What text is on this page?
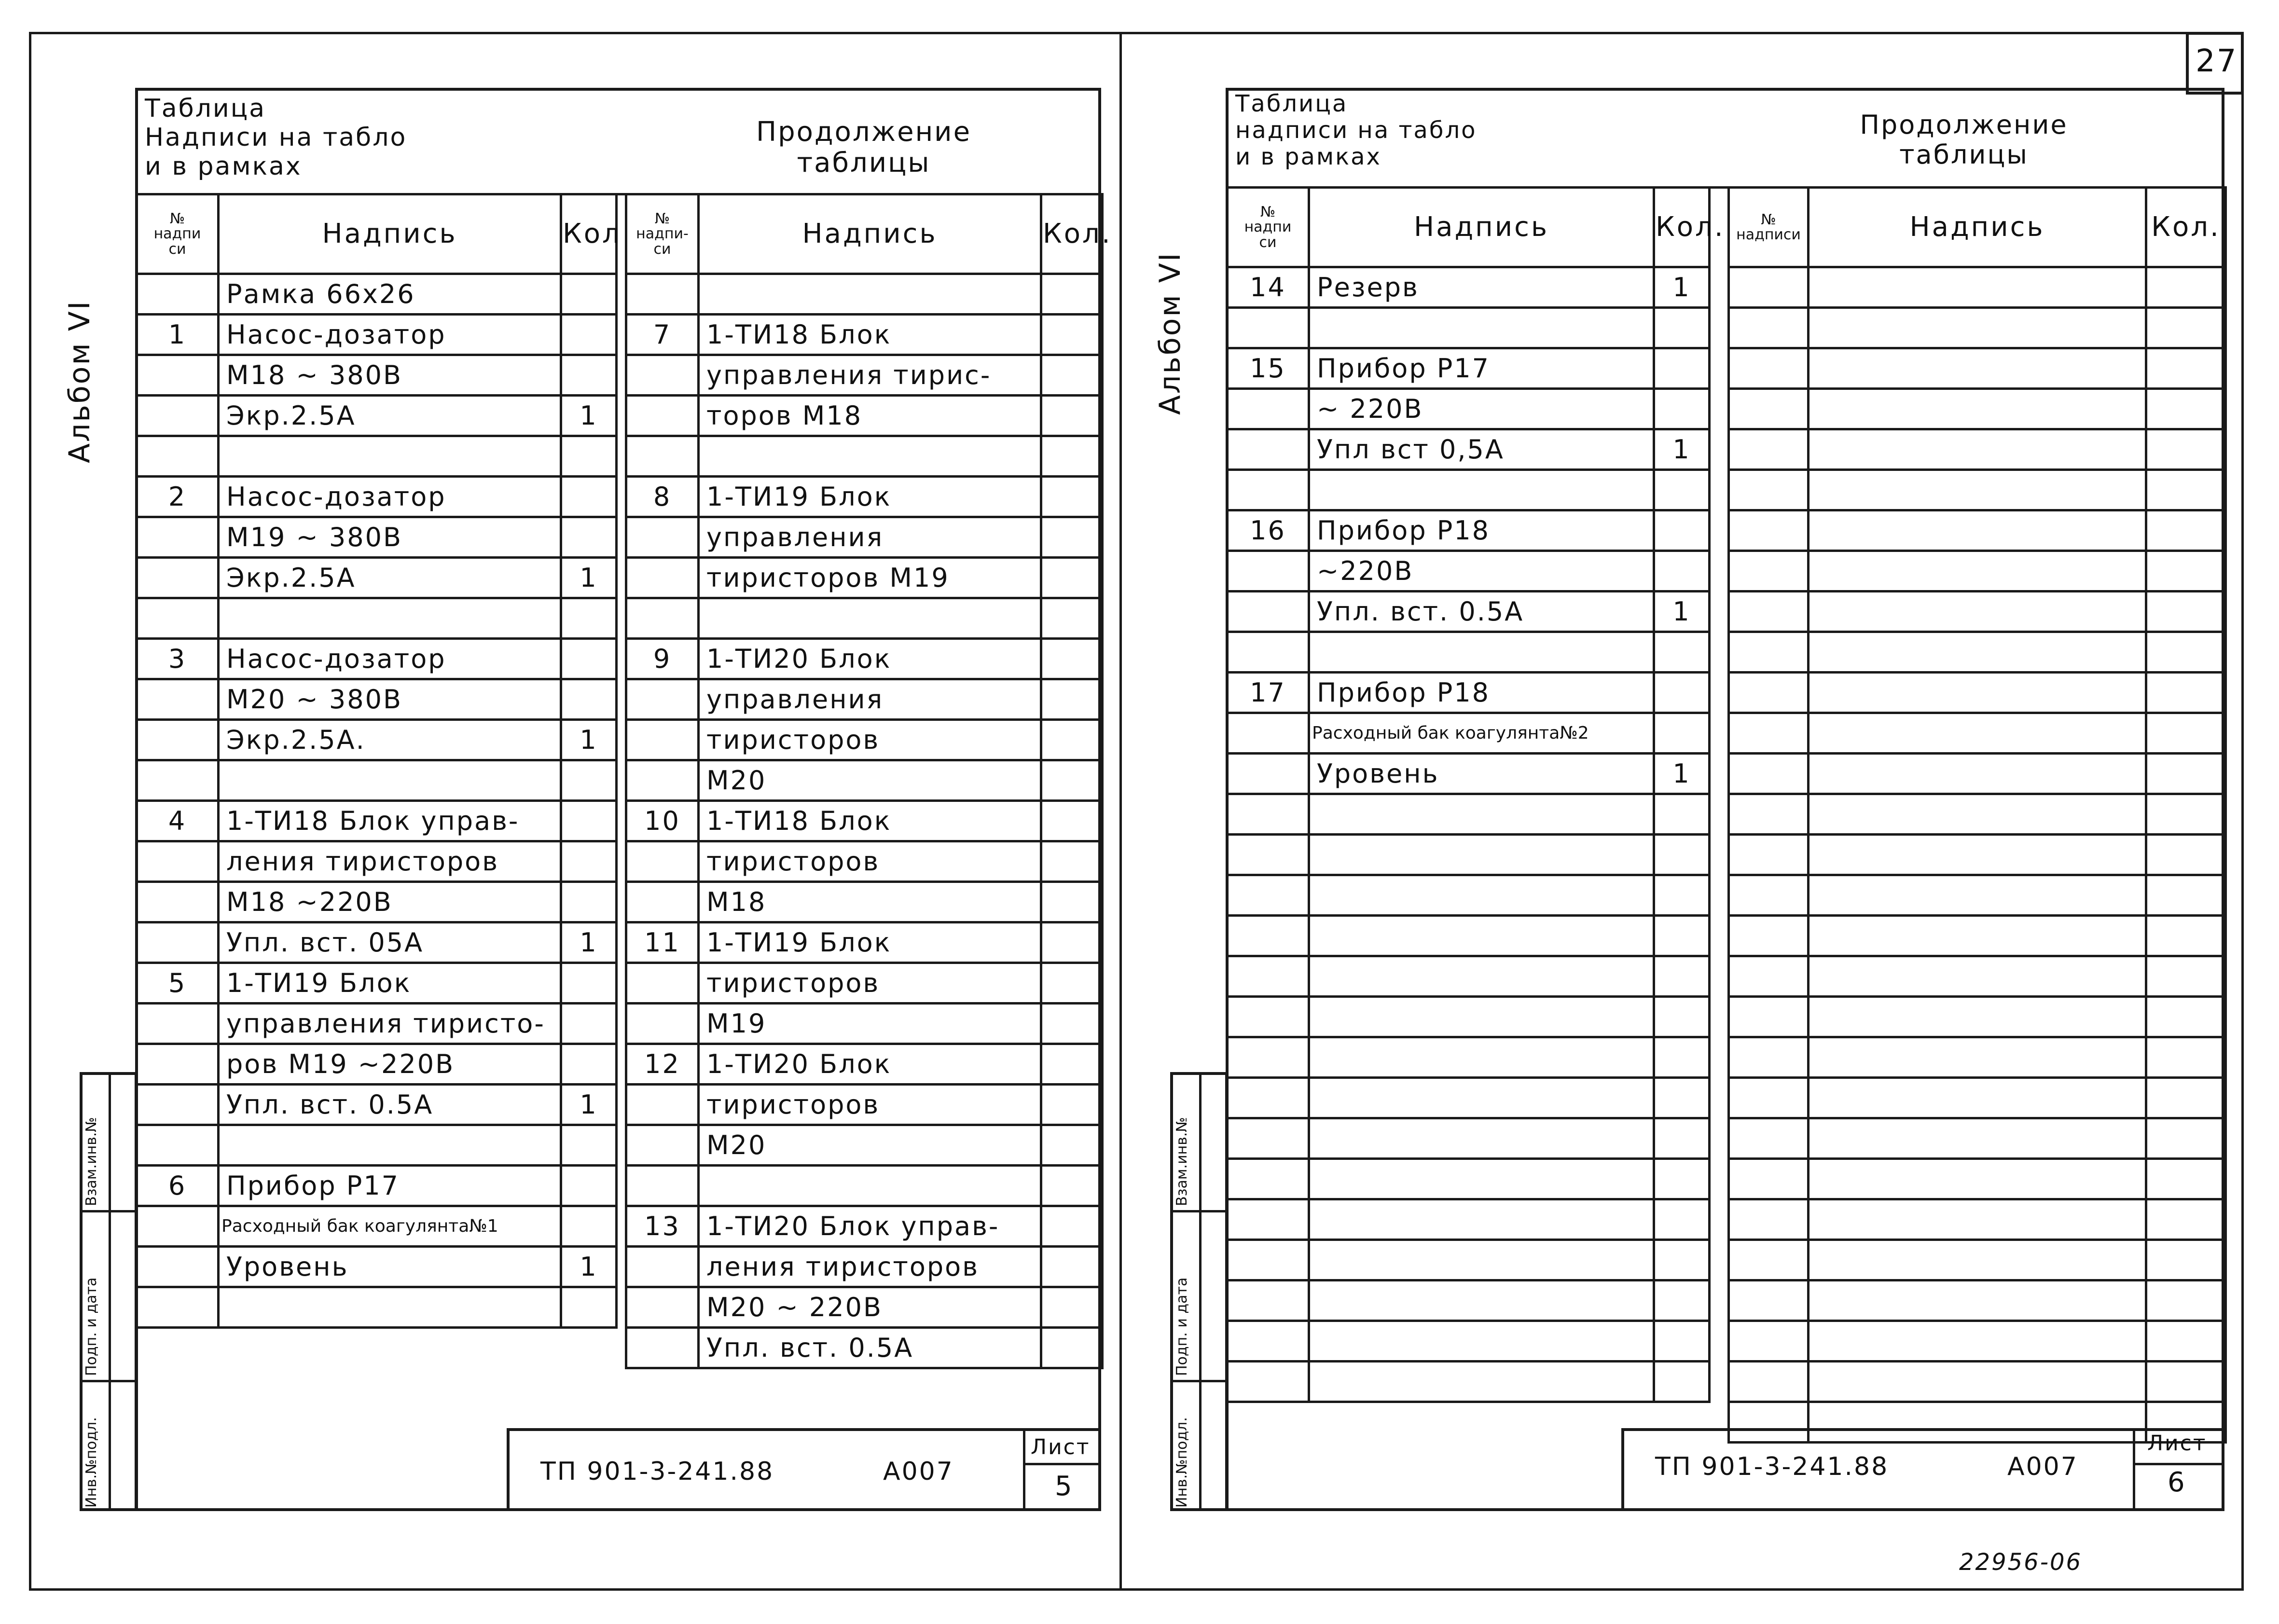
27
Таблица
Надписи на табло
и в рамках
Продолжение
таблицы
Альбом VI
Инв.№подл.
Подп. и дата
Взам.инв.№
№
надпи
си	Надпись	Кол
	Рамка 66х26	
1	Насос-дозатор	
	М18 ~ 380В	
	Экр.2.5А	1

2	Насос-дозатор	
	М19 ~ 380В	
	Экр.2.5А	1

3	Насос-дозатор	
	М20 ~ 380В	
	Экр.2.5А.	1

4	1-ТИ18 Блок управ-	
	ления тиристоров	
	М18 ~220В	
	Упл. вст. 05А	1
5	1-ТИ19 Блок	
	управления тиристо-	
	ров М19 ~220В	
	Упл. вст. 0.5А	1

6	Прибор Р17	
	Расходный бак коагулянта№1	
	Уровень	1

№
надпи-
си	Надпись	Кол.

7	1-ТИ18 Блок	
	управления тирис-	
	торов М18	

8	1-ТИ19 Блок	
	управления	
	тиристоров М19	

9	1-ТИ20 Блок	
	управления	
	тиристоров	
	М20	
10	1-ТИ18 Блок	
	тиристоров	
	М18	
11	1-ТИ19 Блок	
	тиристоров	
	М19	
12	1-ТИ20 Блок	
	тиристоров	
	М20	

13	1-ТИ20 Блок управ-	
	ления тиристоров	
	М20 ~ 220В	
	Упл. вст. 0.5А	
ТП 901-3-241.88	А007
Лист
5
Таблица
надписи на табло
и в рамках
Продолжение
таблицы
Альбом VI
Инв.№подл.
Подп. и дата
Взам.инв.№
№
надпи
си	Надпись	Кол.
14	Резерв	1

15	Прибор Р17	
	~ 220В	
	Упл вст 0,5А	1

16	Прибор Р18	
	~220В	
	Упл. вст. 0.5А	1

17	Прибор Р18	
	Расходный бак коагулянта№2	
	Уровень	1

№
надписи	Надпись	Кол.

ТП 901-3-241.88	А007
Лист
6
22956-06
